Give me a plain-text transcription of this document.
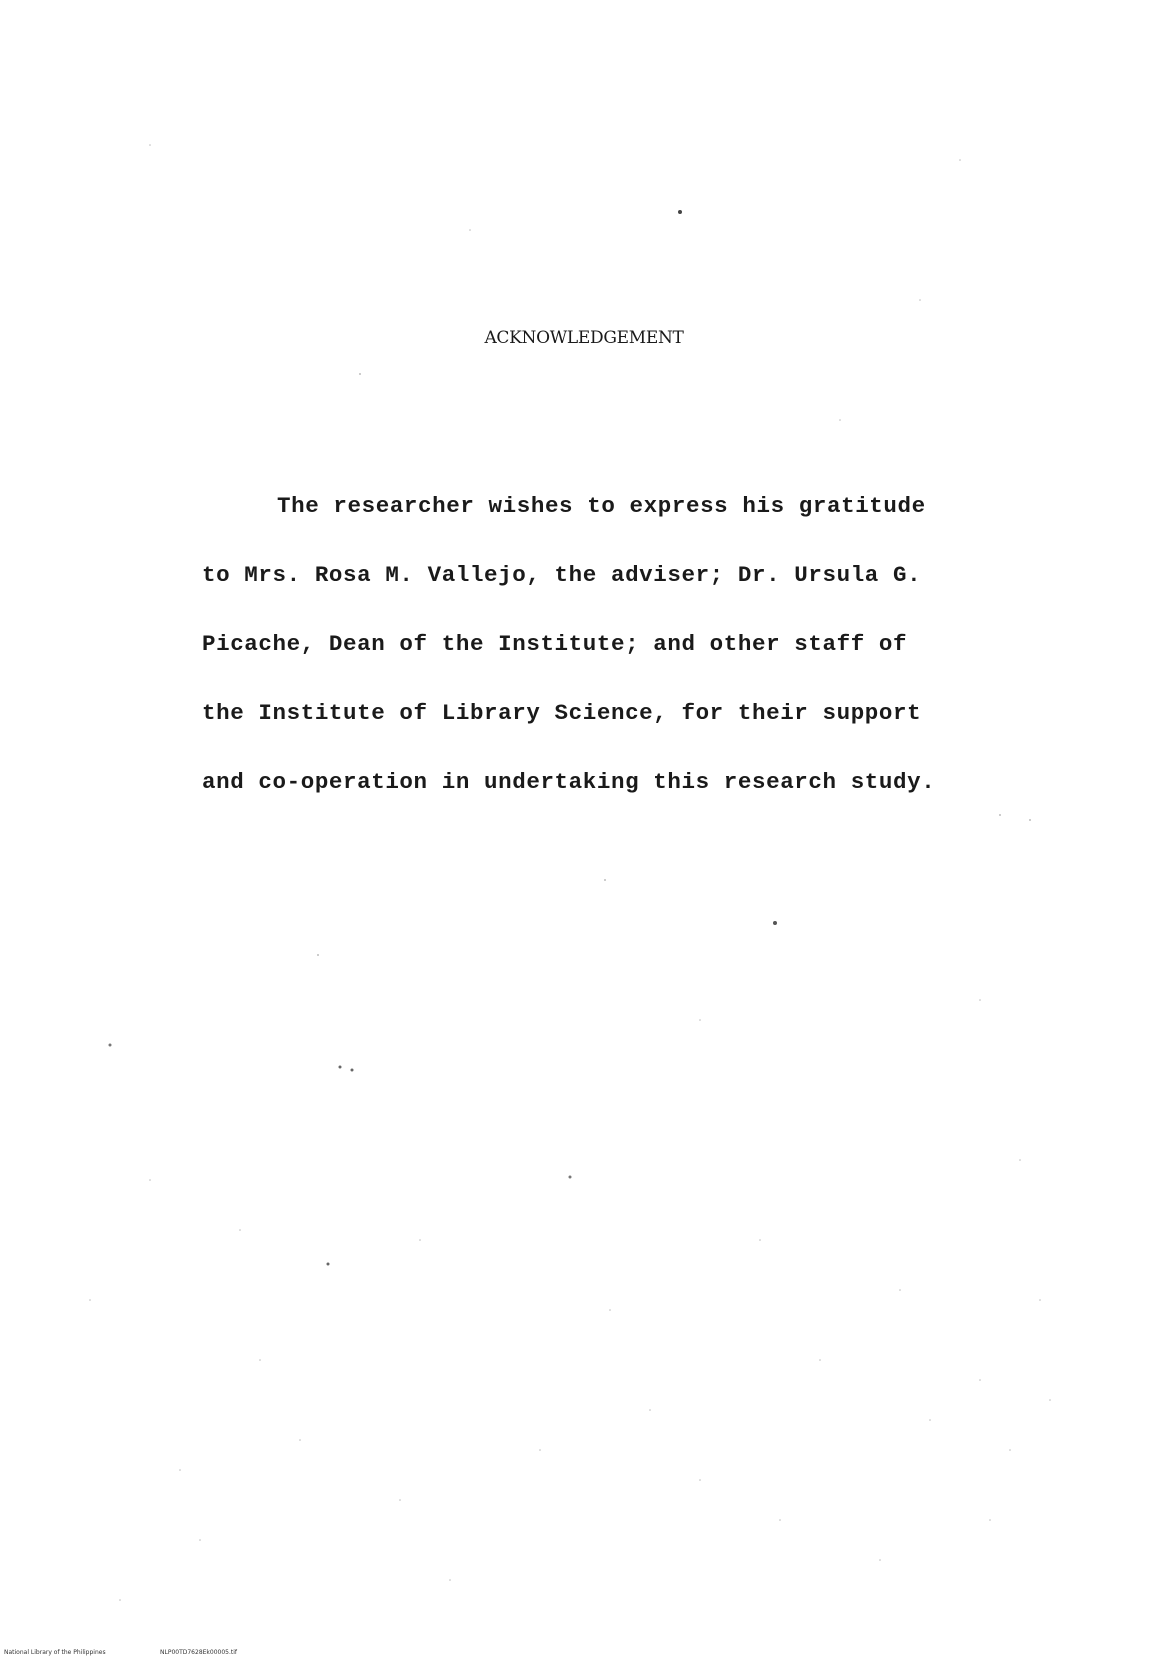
ACKNOWLEDGEMENT
The researcher wishes to express his gratitude
to Mrs. Rosa M. Vallejo, the adviser; Dr. Ursula G.
Picache, Dean of the Institute; and other staff of
the Institute of Library Science, for their support
and co-operation in undertaking this research study.
National Library of the Philippines	NLP00TD7628Ek00005.tif
